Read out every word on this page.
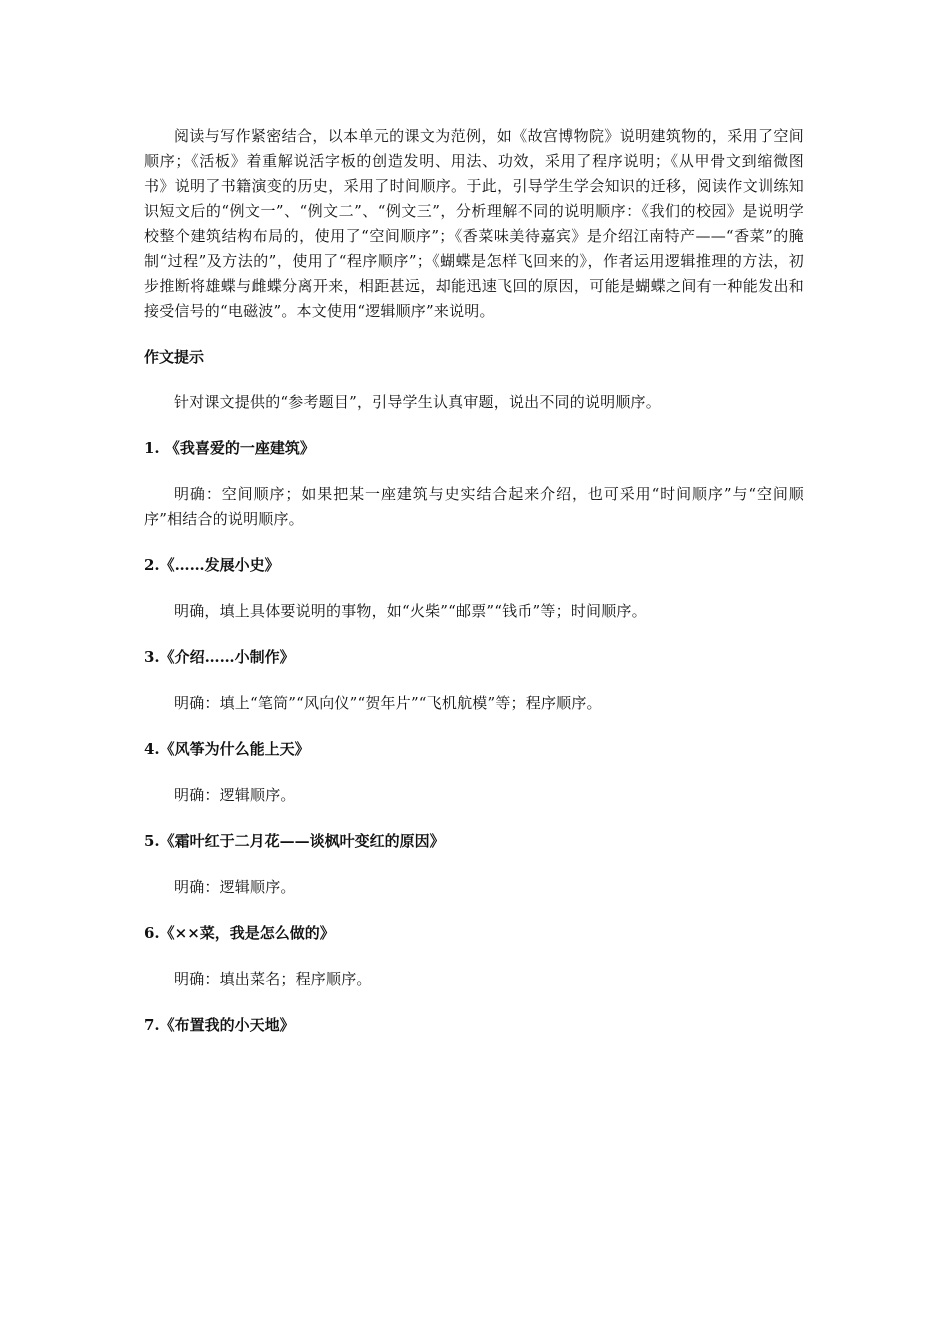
阅读与写作紧密结合，以本单元的课文为范例，如《故宫博物院》说明建筑物的，采用了空间顺序；《活板》着重解说活字板的创造发明、用法、功效，采用了程序说明；《从甲骨文到缩微图书》说明了书籍演变的历史，采用了时间顺序。于此，引导学生学会知识的迁移，阅读作文训练知识短文后的“例文一”、“例文二”、“例文三”，分析理解不同的说明顺序：《我们的校园》是说明学校整个建筑结构布局的，使用了“空间顺序”；《香菜味美待嘉宾》是介绍江南特产——“香菜”的腌制“过程”及方法的”，使用了“程序顺序”；《蝴蝶是怎样飞回来的》，作者运用逻辑推理的方法，初步推断将雄蝶与雌蝶分离开来，相距甚远，却能迅速飞回的原因，可能是蝴蝶之间有一种能发出和接受信号的“电磁波”。本文使用“逻辑顺序”来说明。

作文提示

针对课文提供的“参考题目”，引导学生认真审题，说出不同的说明顺序。

1. 《我喜爱的一座建筑》

明确：空间顺序；如果把某一座建筑与史实结合起来介绍，也可采用“时间顺序”与“空间顺序”相结合的说明顺序。

2.《……发展小史》

明确，填上具体要说明的事物，如“火柴”“邮票”“钱币”等；时间顺序。

3.《介绍……小制作》

明确：填上“笔筒”“风向仪”“贺年片”“飞机航模”等；程序顺序。

4.《风筝为什么能上天》

明确：逻辑顺序。

5.《霜叶红于二月花——谈枫叶变红的原因》

明确：逻辑顺序。

6.《××菜，我是怎么做的》

明确：填出菜名；程序顺序。

7.《布置我的小天地》
